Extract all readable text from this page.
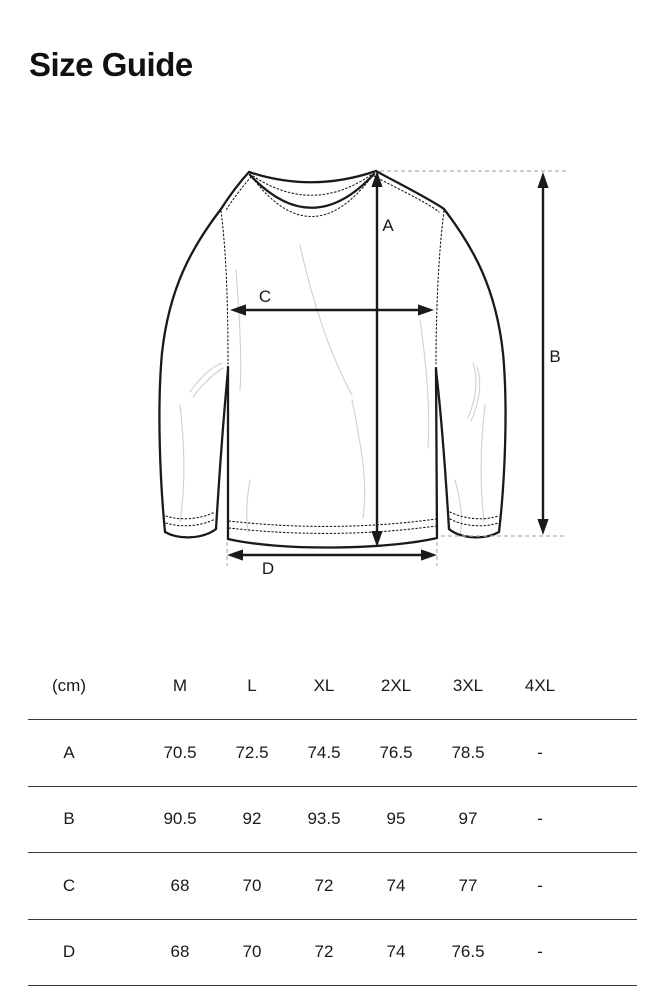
Size Guide
A
B
C
D
(cm)	M	L	XL	2XL	3XL	4XL
A	70.5	72.5	74.5	76.5	78.5	-
B	90.5	92	93.5	95	97	-
C	68	70	72	74	77	-
D	68	70	72	74	76.5	-
